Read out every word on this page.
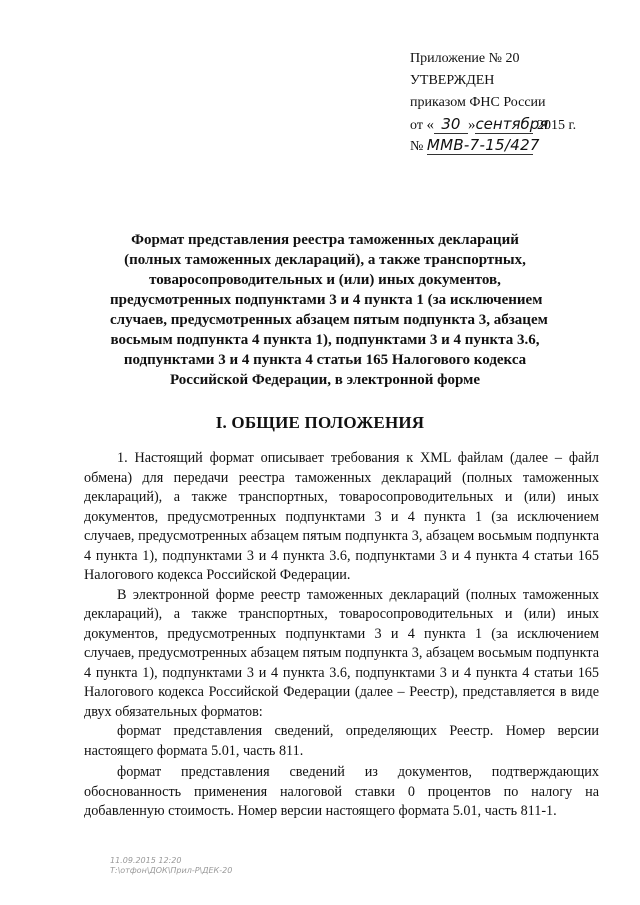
Приложение № 20
УТВЕРЖДЕН
приказом ФНС России
от « 30 »сентября 2015 г.
№ ММВ-7-15/427
Формат представления реестра таможенных деклараций
(полных таможенных деклараций), а также транспортных,
товаросопроводительных и (или) иных документов,
предусмотренных подпунктами 3 и 4 пункта 1 (за исключением
случаев, предусмотренных абзацем пятым подпункта 3, абзацем
восьмым подпункта 4 пункта 1), подпунктами 3 и 4 пункта 3.6,
подпунктами 3 и 4 пункта 4 статьи 165 Налогового кодекса
Российской Федерации, в электронной форме
I. ОБЩИЕ ПОЛОЖЕНИЯ

1. Настоящий формат описывает требования к XML файлам (далее – файл обмена) для передачи реестра таможенных деклараций (полных таможенных деклараций), а также транспортных, товаросопроводительных и (или) иных документов, предусмотренных подпунктами 3 и 4 пункта 1 (за исключением случаев, предусмотренных абзацем пятым подпункта 3, абзацем восьмым подпункта 4 пункта 1), подпунктами 3 и 4 пункта 3.6, подпунктами 3 и 4 пункта 4 статьи 165 Налогового кодекса Российской Федерации.

В электронной форме реестр таможенных деклараций (полных таможенных деклараций), а также транспортных, товаросопроводительных и (или) иных документов, предусмотренных подпунктами 3 и 4 пункта 1 (за исключением случаев, предусмотренных абзацем пятым подпункта 3, абзацем восьмым подпункта 4 пункта 1), подпунктами 3 и 4 пункта 3.6, подпунктами 3 и 4 пункта 4 статьи 165 Налогового кодекса Российской Федерации (далее – Реестр), представляется в виде двух обязательных форматов:

формат представления сведений, определяющих Реестр. Номер версии настоящего формата 5.01, часть 811.

формат представления сведений из документов, подтверждающих обоснованность применения налоговой ставки 0 процентов по налогу на добавленную стоимость. Номер версии настоящего формата 5.01, часть 811-1.

11.09.2015 12:20
Т:\отфон\ДОК\Прил-Р\ДЕК-20
